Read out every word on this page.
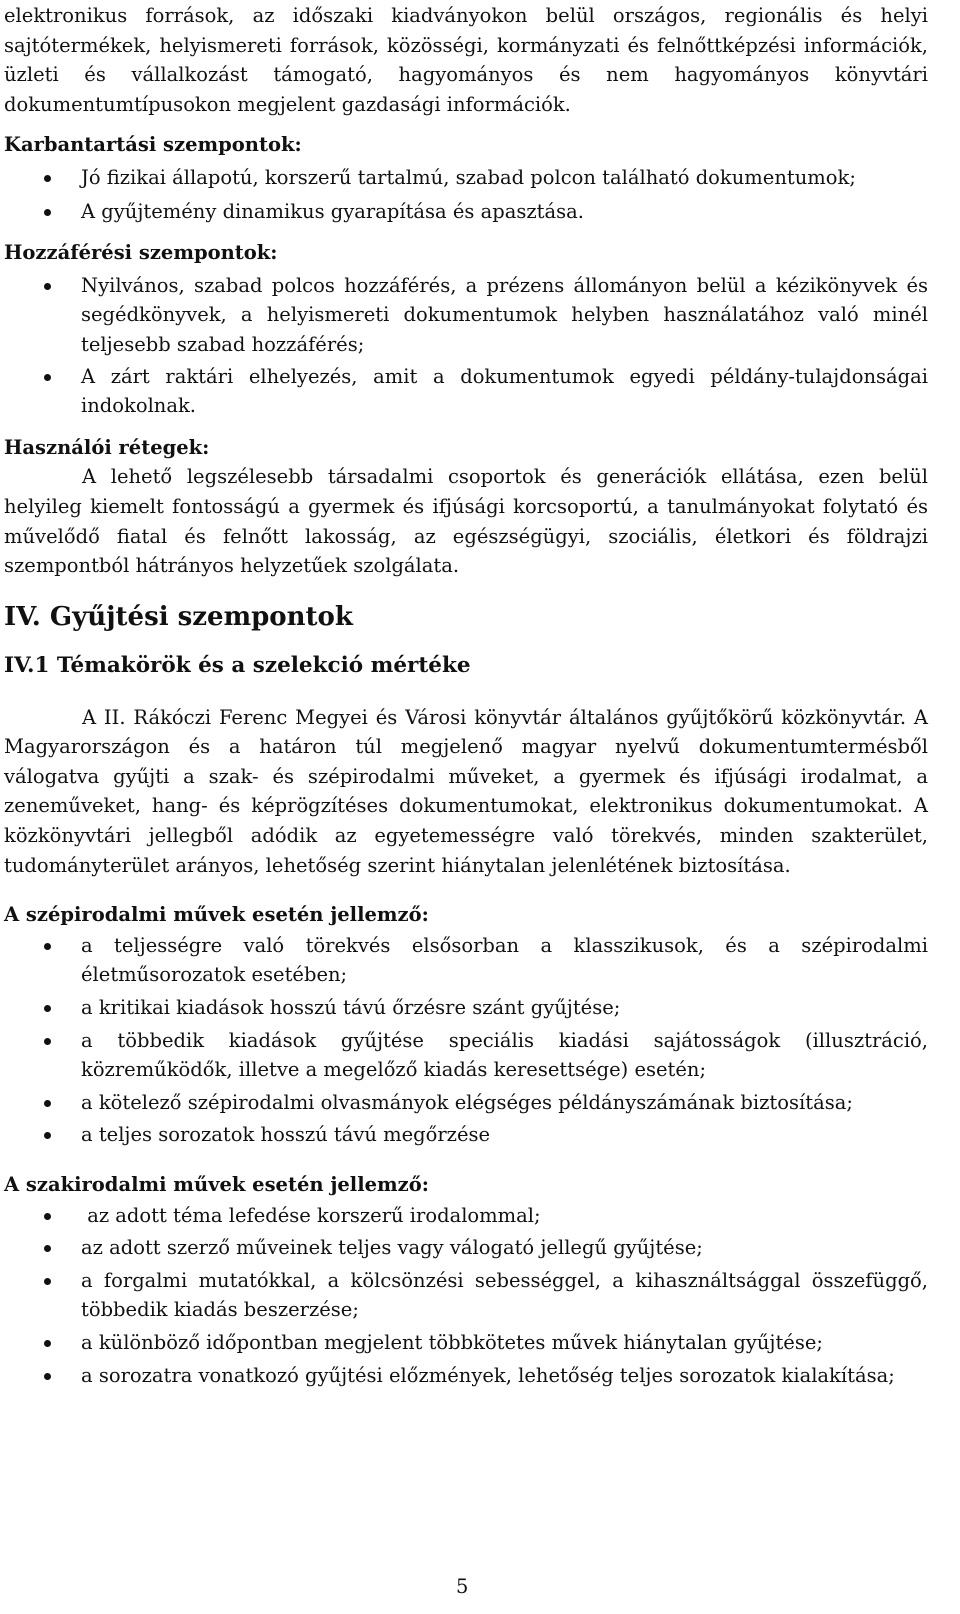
elektronikus források, az időszaki kiadványokon belül országos, regionális és helyi sajtótermékek, helyismereti források, közösségi, kormányzati és felnőttképzési információk, üzleti és vállalkozást támogató, hagyományos és nem hagyományos könyvtári dokumentumtípusokon megjelent gazdasági információk.

Karbantartási szempontok:
Jó fizikai állapotú, korszerű tartalmú, szabad polcon található dokumentumok;
A gyűjtemény dinamikus gyarapítása és apasztása.
Hozzáférési szempontok:
Nyilvános, szabad polcos hozzáférés, a prézens állományon belül a kézikönyvek és segédkönyvek, a helyismereti dokumentumok helyben használatához való minél teljesebb szabad hozzáférés;
A zárt raktári elhelyezés, amit a dokumentumok egyedi példány-tulajdonságai indokolnak.
Használói rétegek:

A lehető legszélesebb társadalmi csoportok és generációk ellátása, ezen belül helyileg kiemelt fontosságú a gyermek és ifjúsági korcsoportú, a tanulmányokat folytató és művelődő fiatal és felnőtt lakosság, az egészségügyi, szociális, életkori és földrajzi szempontból hátrányos helyzetűek szolgálata.

IV. Gyűjtési szempontok
IV.1 Témakörök és a szelekció mértéke

A II. Rákóczi Ferenc Megyei és Városi könyvtár általános gyűjtőkörű közkönyvtár. A Magyarországon és a határon túl megjelenő magyar nyelvű dokumentumtermésből válogatva gyűjti a szak- és szépirodalmi műveket, a gyermek és ifjúsági irodalmat, a zeneműveket, hang- és képrögzítéses dokumentumokat, elektronikus dokumentumokat. A közkönyvtári jellegből adódik az egyetemességre való törekvés, minden szakterület, tudományterület arányos, lehetőség szerint hiánytalan jelenlétének biztosítása.

A szépirodalmi művek esetén jellemző:
a teljességre való törekvés elsősorban a klasszikusok, és a szépirodalmi életműsorozatok esetében;
a kritikai kiadások hosszú távú őrzésre szánt gyűjtése;
a többedik kiadások gyűjtése speciális kiadási sajátosságok (illusztráció, közreműködők, illetve a megelőző kiadás keresettsége) esetén;
a kötelező szépirodalmi olvasmányok elégséges példányszámának biztosítása;
a teljes sorozatok hosszú távú megőrzése
A szakirodalmi művek esetén jellemző:
az adott téma lefedése korszerű irodalommal;
az adott szerző műveinek teljes vagy válogató jellegű gyűjtése;
a forgalmi mutatókkal, a kölcsönzési sebességgel, a kihasználtsággal összefüggő, többedik kiadás beszerzése;
a különböző időpontban megjelent többkötetes művek hiánytalan gyűjtése;
a sorozatra vonatkozó gyűjtési előzmények, lehetőség teljes sorozatok kialakítása;
5
